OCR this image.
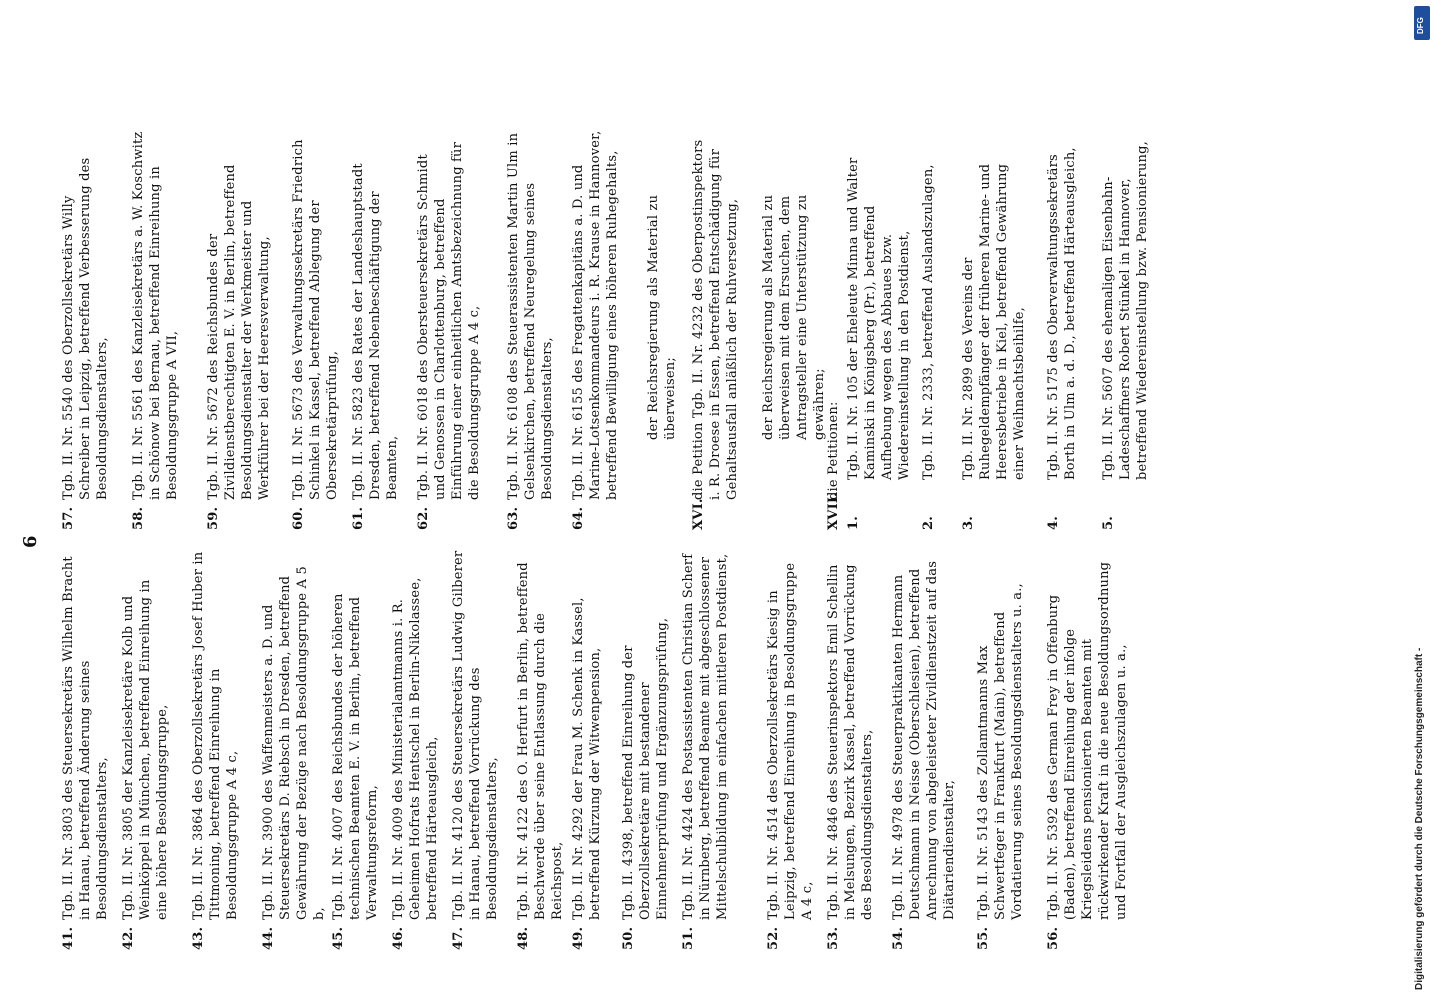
41.
Tgb. II. Nr. 3803 des Steuersekretärs Wilhelm Bracht in Hanau, betreffend Änderung seines Besoldungsdienstalters,
42.
Tgb. II. Nr. 3805 der Kanzleisekretäre Kolb und Weinköppel in München, betreffend Einreihung in eine höhere Besoldungsgruppe,
43.
Tgb. II. Nr. 3864 des Oberzollsekretärs Josef Huber in Tittmoning, betreffend Einreihung in Besoldungsgruppe A 4 c,
44.
Tgb. II. Nr. 3900 des Waffenmeisters a. D. und Steuersekretärs D. Riebsch in Dresden, betreffend Gewährung der Bezüge nach Besoldungsgruppe A 5 b,
45.
Tgb. II. Nr. 4007 des Reichsbundes der höheren technischen Beamten E. V. in Berlin, betreffend Verwaltungsreform,
46.
Tgb. II. Nr. 4009 des Ministerialamtmanns i. R. Geheimen Hofrats Hentschel in Berlin-Nikolassee, betreffend Härteausgleich,
47.
Tgb. II. Nr. 4120 des Steuersekretärs Ludwig Gilberer in Hanau, betreffend Vorrückung des Besoldungsdienstalters,
48.
Tgb. II. Nr. 4122 des O. Herfurt in Berlin, betreffend Beschwerde über seine Entlassung durch die Reichspost,
49.
Tgb. II. Nr. 4292 der Frau M. Schenk in Kassel, betreffend Kürzung der Witwenpension,
50.
Tgb. II. 4398, betreffend Einreihung der Oberzollsekretäre mit bestandener Einnehmerprüfung und Ergänzungsprüfung,
51.
Tgb. II. Nr. 4424 des Postassistenten Christian Scherf in Nürnberg, betreffend Beamte mit abgeschlossener Mittelschulbildung im einfachen mittleren Postdienst,
52.
Tgb. II. Nr. 4514 des Oberzollsekretärs Kiesig in Leipzig, betreffend Einreihung in Besoldungsgruppe A 4 c,
53.
Tgb. II. Nr. 4846 des Steuerinspektors Emil Schellin in Melsungen, Bezirk Kassel, betreffend Vorrückung des Besoldungsdienstalters,
54.
Tgb. II. Nr. 4978 des Steuerpraktikanten Hermann Deutschmann in Neisse (Oberschlesien), betreffend Anrechnung von abgeleisteter Zivildienstzeit auf das Diätariendienstalter,
55.
Tgb. II. Nr. 5143 des Zollamtmanns Max Schwertfeger in Frankfurt (Main), betreffend Vordatierung seines Besoldungsdienstalters u. a.,
56.
Tgb. II. Nr. 5392 des German Frey in Offenburg (Baden), betreffend Einreihung der infolge Kriegsleidens pensionierten Beamten mit rückwirkender Kraft in die neue Besoldungsordnung und Fortfall der Ausgleichszulagen u. a.,
6
57.
Tgb. II. Nr. 5540 des Oberzollsekretärs Willy Schreiber in Leipzig, betreffend Verbesserung des Besoldungsdienstalters,
58.
Tgb. II. Nr. 5561 des Kanzleisekretärs a. W. Koschwitz in Schönow bei Bernau, betreffend Einreihung in Besoldungsgruppe A VII,
59.
Tgb. II. Nr. 5672 des Reichsbundes der Zivildienstberechtigten E. V. in Berlin, betreffend Besoldungsdienstalter der Werkmeister und Werkführer bei der Heeresverwaltung,
60.
Tgb. II. Nr. 5673 des Verwaltungssekretärs Friedrich Schinkel in Kassel, betreffend Ablegung der Obersekretärprüfung,
61.
Tgb. II. Nr. 5823 des Rates der Landeshauptstadt Dresden, betreffend Nebenbeschäftigung der Beamten,
62.
Tgb. II. Nr. 6018 des Obersteuersekretärs Schmidt und Genossen in Charlottenburg, betreffend Einführung einer einheitlichen Amtsbezeichnung für die Besoldungsgruppe A 4 c,
63.
Tgb. II. Nr. 6108 des Steuerassistenten Martin Ulm in Gelsenkirchen, betreffend Neuregelung seines Besoldungsdienstalters,
64.
Tgb. II. Nr. 6155 des Fregattenkapitäns a. D. und Marine-Lotsenkommandeurs i. R. Krause in Hannover, betreffend Bewilligung eines höheren Ruhegehalts, der Reichsregierung als Material zu überweisen;
XVI.
die Petition Tgb. II. Nr. 4232 des Oberpostinspektors i. R. Droese in Essen, betreffend Entschädigung für Gehaltsausfall anläßlich der Ruhversetzung, der Reichsregierung als Material zu überweisen mit dem Ersuchen, dem Antragsteller eine Unterstützung zu gewähren;
XVII.
die Petitionen:
1.
Tgb. II. Nr. 105 der Eheleute Minna und Walter Kaminski in Königsberg (Pr.), betreffend Aufhebung wegen des Abbaues bzw. Wiedereinstellung in den Postdienst,
2.
Tgb. II. Nr. 2333, betreffend Auslandszulagen,
3.
Tgb. II. Nr. 2899 des Vereins der Ruhegeldempfänger der früheren Marine- und Heeresbetriebe in Kiel, betreffend Gewährung einer Weihnachtsbeihilfe,
4.
Tgb. II. Nr. 5175 des Oberverwaltungssekretärs Borth in Ulm a. d. D., betreffend Härteausgleich,
5.
Tgb. II. Nr. 5607 des ehemaligen Eisenbahn-Ladeschaffners Robert Stünkel in Hannover, betreffend Wiedereinstellung bzw. Pensionierung,
Digitalisierung gefördert durch die Deutsche Forschungsgemeinschaft -
DFG
